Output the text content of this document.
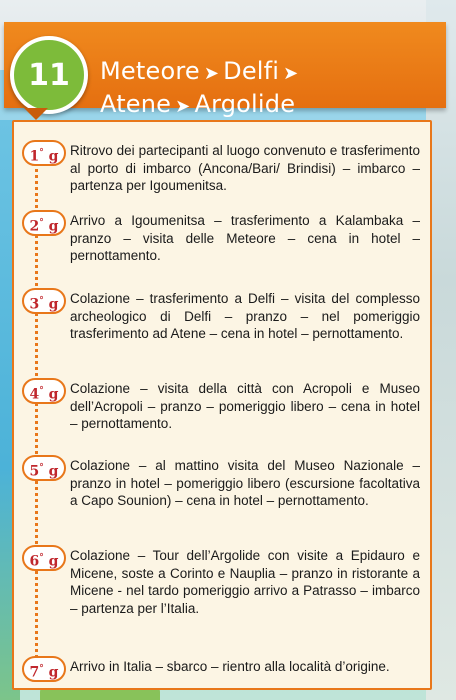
11 Meteore ➤ Delfi ➤
Atene ➤ Argolide
1° g Ritrovo dei partecipanti al luogo convenuto e trasferimento al porto di imbarco (Ancona/Bari/ Brindisi) – imbarco – partenza per Igoumenitsa.
2° g Arrivo a Igoumenitsa – trasferimento a Kalambaka – pranzo – visita delle Meteore – cena in hotel – pernottamento.
3° g Colazione – trasferimento a Delfi – visita del complesso archeologico di Delfi – pranzo – nel pomeriggio trasferimento ad Atene – cena in hotel – pernottamento.
4° g Colazione – visita della città con Acropoli e Museo dell’Acropoli – pranzo – pomeriggio libero – cena in hotel – pernottamento.
5° g Colazione – al mattino visita del Museo Nazionale – pranzo in hotel – pomeriggio libero (escursione facoltativa a Capo Sounion) – cena in hotel – pernottamento.
6° g Colazione – Tour dell’Argolide con visite a Epidauro e Micene, soste a Corinto e Nauplia – pranzo in ristorante a Micene - nel tardo pomeriggio arrivo a Patrasso – imbarco – partenza per l’Italia.
7° g Arrivo in Italia – sbarco – rientro alla località d’origine.
